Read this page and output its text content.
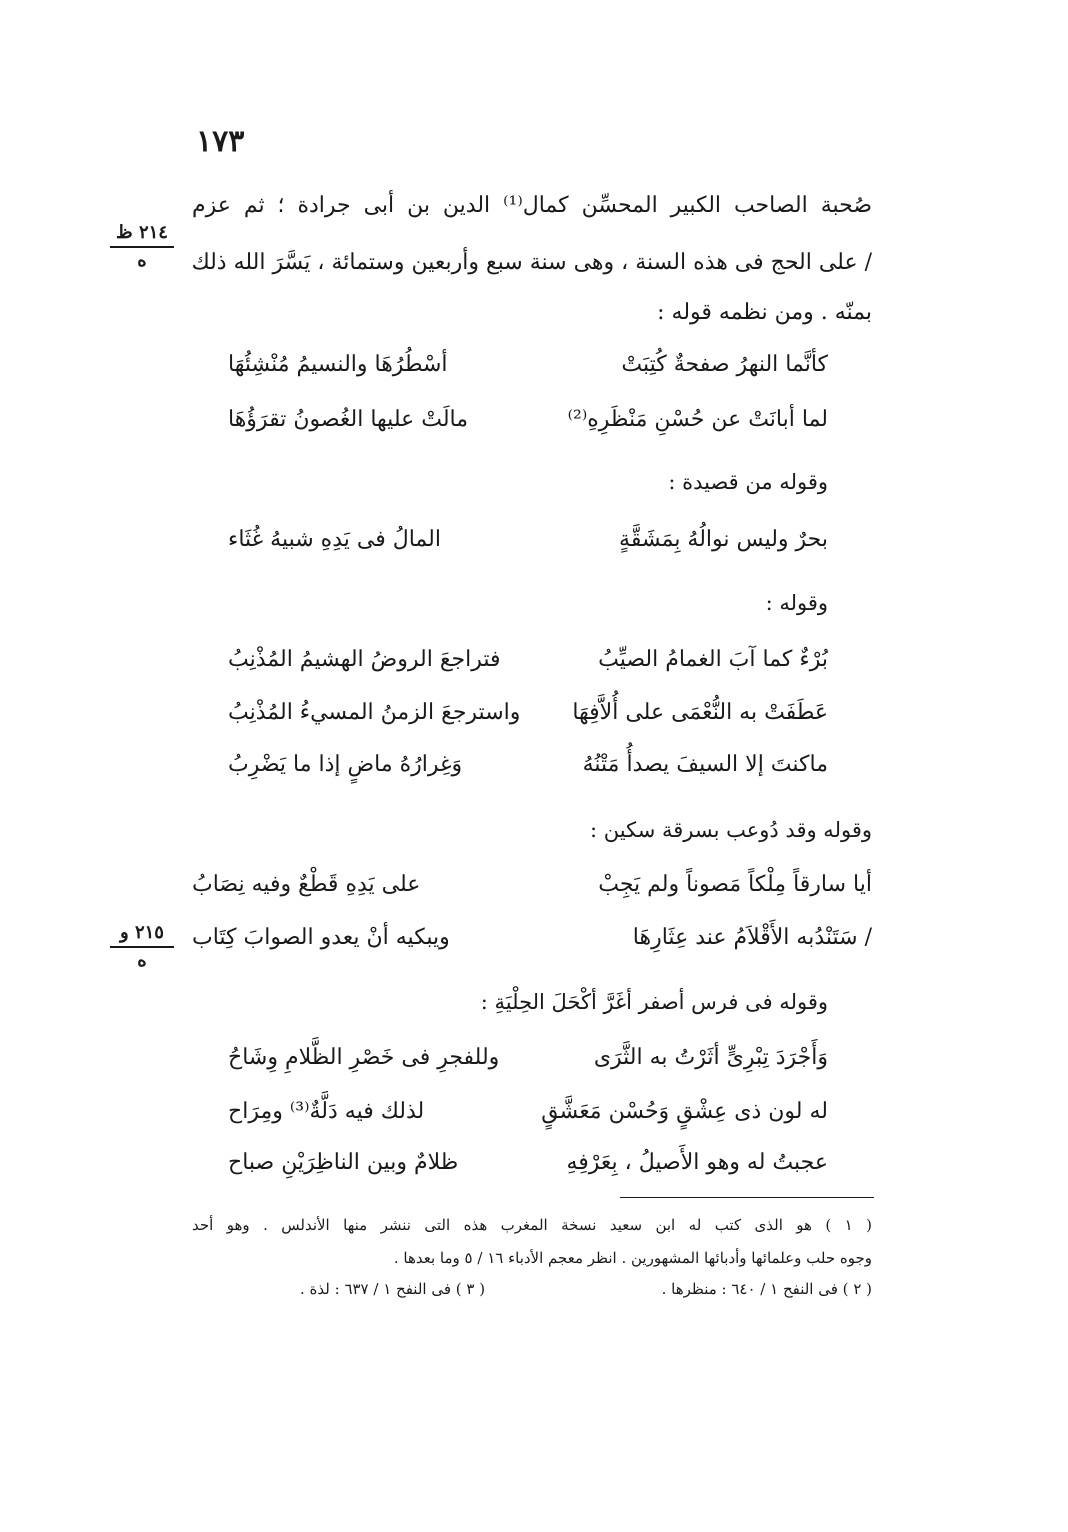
١٧٣
٢١٤ ظ
ه
٢١٥ و
ه
صُحبة الصاحب الكبير المحسِّن كمال⁽¹⁾ الدين بن أبى جرادة ؛ ثم عزم
/ على الحج فى هذه السنة ، وهى سنة سبع وأربعين وستمائة ، يَسَّرَ الله ذلك
بمنّه . ومن نظمه قوله :
كأنَّما النهرُ صفحةٌ كُتِبَتْ
أسْطُرُهَا والنسيمُ مُنْشِئُهَا
لما أبانَتْ عن حُسْنِ مَنْظَرِهِ⁽²⁾
مالَتْ عليها الغُصونُ تقرَؤُهَا
وقوله من قصيدة :
بحرٌ وليس نوالُهُ بِمَشَقَّةٍ
المالُ فى يَدِهِ شبيهُ غُثَاء
وقوله :
بُرْءٌ كما آبَ الغمامُ الصيِّبُ
فتراجعَ الروضُ الهشيمُ المُذْنِبُ
عَطَفَتْ به النُّعْمَى على أُلاَّفِهَا
واسترجعَ الزمنُ المسيءُ المُذْنِبُ
ماكنتَ إلا السيفَ يصدأُ مَتْنُهُ
وَغِرارُهُ ماضٍ إذا ما يَضْرِبُ
وقوله وقد دُوعب بسرقة سكين :
أيا سارقاً مِلْكاً مَصوناً ولم يَجِبْ
على يَدِهِ قَطْعٌ وفيه نِصَابُ
/ سَتَنْدُبه الأَقْلاَمُ عند عِثَارِهَا
ويبكيه أنْ يعدو الصوابَ كِتَاب
وقوله فى فرس أصفر أغَرَّ أكْحَلَ الحِلْيَةِ :
وَأَجْرَدَ تِبْرِىٍّ أثَرْتُ به الثَّرَى
وللفجرِ فى خَصْرِ الظَّلامِ وِشَاحُ
له لون ذى عِشْقٍ وَحُسْن مَعَشَّقٍ
لذلك فيه دَلَّةٌ⁽³⁾ ومِرَاح
عجبتُ له وهو الأَصيلُ ، بِعَرْفِهِ
ظلامٌ وبين الناظِرَيْنِ صباح
( ١ ) هو الذى كتب له ابن سعيد نسخة المغرب هذه التى ننشر منها الأندلس . وهو أحد
وجوه حلب وعلمائها وأدبائها المشهورين . انظر معجم الأدباء ١٦ / ٥ وما بعدها .
( ٢ ) فى النفح ١ / ٦٤٠ : منظرها .
( ٣ ) فى النفح ١ / ٦٣٧ : لذة .
